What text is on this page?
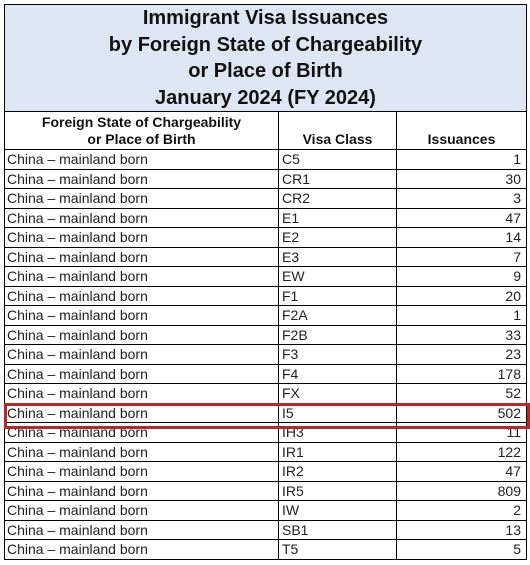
Immigrant Visa Issuances
by Foreign State of Chargeability
or Place of Birth
January 2024 (FY 2024)		

Foreign State of Chargeability
or Place of Birth	Visa Class	Issuances
China – mainland born	C5	1
China – mainland born	CR1	30
China – mainland born	CR2	3
China – mainland born	E1	47
China – mainland born	E2	14
China – mainland born	E3	7
China – mainland born	EW	9
China – mainland born	F1	20
China – mainland born	F2A	1
China – mainland born	F2B	33
China – mainland born	F3	23
China – mainland born	F4	178
China – mainland born	FX	52
China – mainland born	I5	502
China – mainland born	IH3	11
China – mainland born	IR1	122
China – mainland born	IR2	47
China – mainland born	IR5	809
China – mainland born	IW	2
China – mainland born	SB1	13
China – mainland born	T5	5
